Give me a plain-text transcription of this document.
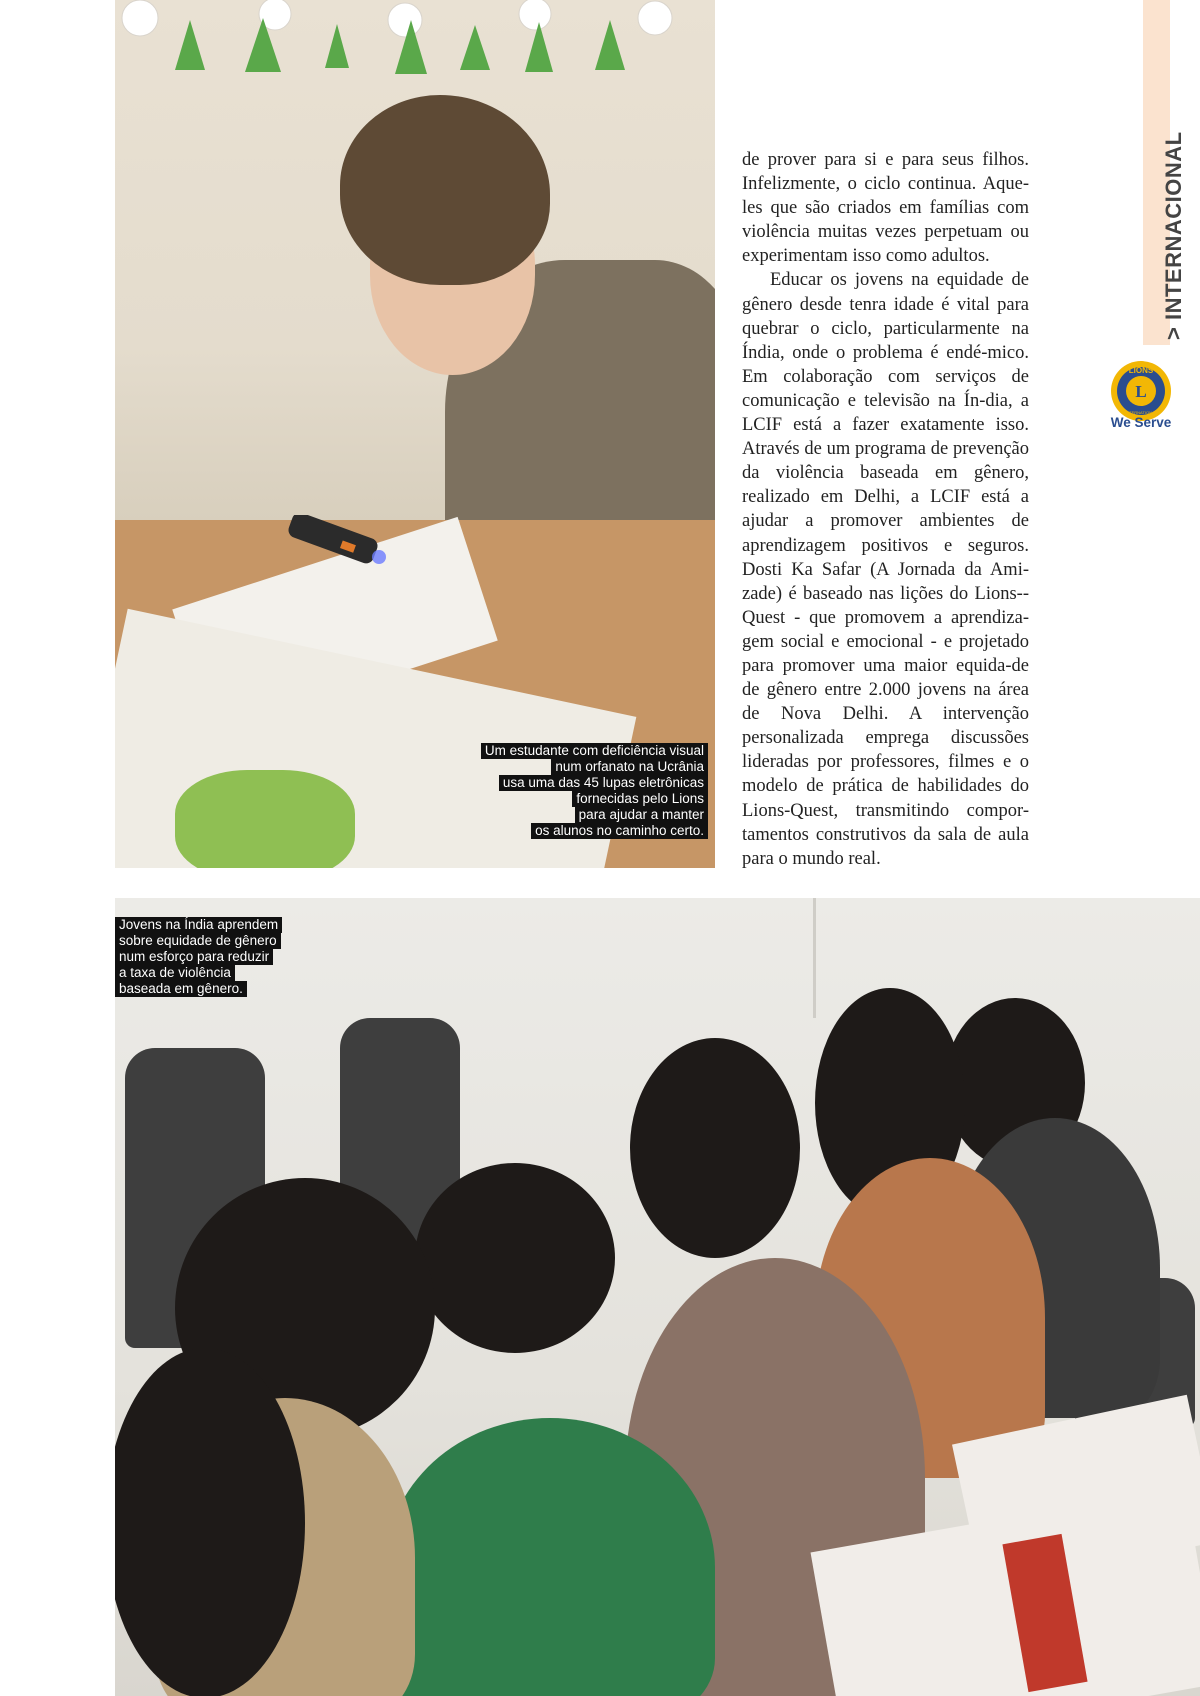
Um estudante com deficiência visual
num orfanato na Ucrânia
usa uma das 45 lupas eletrônicas
fornecidas pelo Lions
para ajudar a manter
os alunos no caminho certo.

de prover para si e para seus filhos. Infelizmente, o ciclo continua. Aque-les que são criados em famílias com violência muitas vezes perpetuam ou experimentam isso como adultos.

Educar os jovens na equidade de gênero desde tenra idade é vital para quebrar o ciclo, particularmente na Índia, onde o problema é endé-mico. Em colaboração com serviços de comunicação e televisão na Ín-dia, a LCIF está a fazer exatamente isso. Através de um programa de prevenção da violência baseada em gênero, realizado em Delhi, a LCIF está a ajudar a promover ambientes de aprendizagem positivos e seguros. Dosti Ka Safar (A Jornada da Ami-zade) é baseado nas lições do Lions--Quest - que promovem a aprendiza-gem social e emocional - e projetado para promover uma maior equida-de de gênero entre 2.000 jovens na área de Nova Delhi. A intervenção personalizada emprega discussões lideradas por professores, filmes e o modelo de prática de habilidades do Lions-Quest, transmitindo compor-tamentos construtivos da sala de aula para o mundo real.

> INTERNACIONAL
L
LIONS
INTERNATIONAL
We Serve
Jovens na Índia aprendem
sobre equidade de gênero
num esforço para reduzir
a taxa de violência
baseada em gênero.
